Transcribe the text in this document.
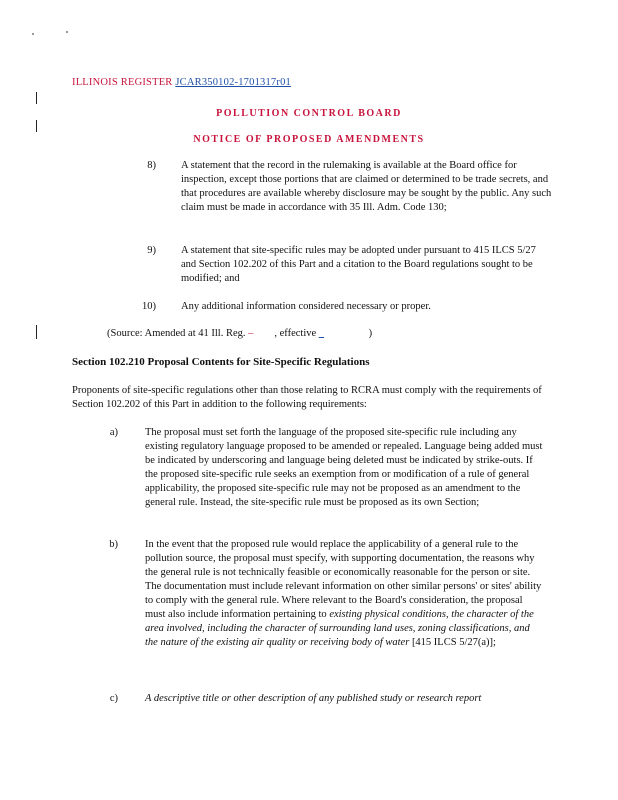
ILLINOIS REGISTER JCAR350102-1701317r01
POLLUTION CONTROL BOARD
NOTICE OF PROPOSED AMENDMENTS
8) A statement that the record in the rulemaking is available at the Board office for inspection, except those portions that are claimed or determined to be trade secrets, and that procedures are available whereby disclosure may be sought by the public. Any such claim must be made in accordance with 35 Ill. Adm. Code 130;
9) A statement that site-specific rules may be adopted under pursuant to 415 ILCS 5/27 and Section 102.202 of this Part and a citation to the Board regulations sought to be modified; and
10) Any additional information considered necessary or proper.
(Source: Amended at 41 Ill. Reg. – , effective _	)
Section 102.210 Proposal Contents for Site-Specific Regulations
Proponents of site-specific regulations other than those relating to RCRA must comply with the requirements of Section 102.202 of this Part in addition to the following requirements:
a)	The proposal must set forth the language of the proposed site-specific rule including any existing regulatory language proposed to be amended or repealed. Language being added must be indicated by underscoring and language being deleted must be indicated by strike-outs. If the proposed site-specific rule seeks an exemption from or modification of a rule of general applicability, the proposed site-specific rule may not be proposed as an amendment to the general rule. Instead, the site-specific rule must be proposed as its own Section;
b)	In the event that the proposed rule would replace the applicability of a general rule to the pollution source, the proposal must specify, with supporting documentation, the reasons why the general rule is not technically feasible or economically reasonable for the person or site. The documentation must include relevant information on other similar persons' or sites' ability to comply with the general rule. Where relevant to the Board's consideration, the proposal must also include information pertaining to existing physical conditions, the character of the area involved, including the character of surrounding land uses, zoning classifications, and the nature of the existing air quality or receiving body of water [415 ILCS 5/27(a)];
c)	A descriptive title or other description of any published study or research report
